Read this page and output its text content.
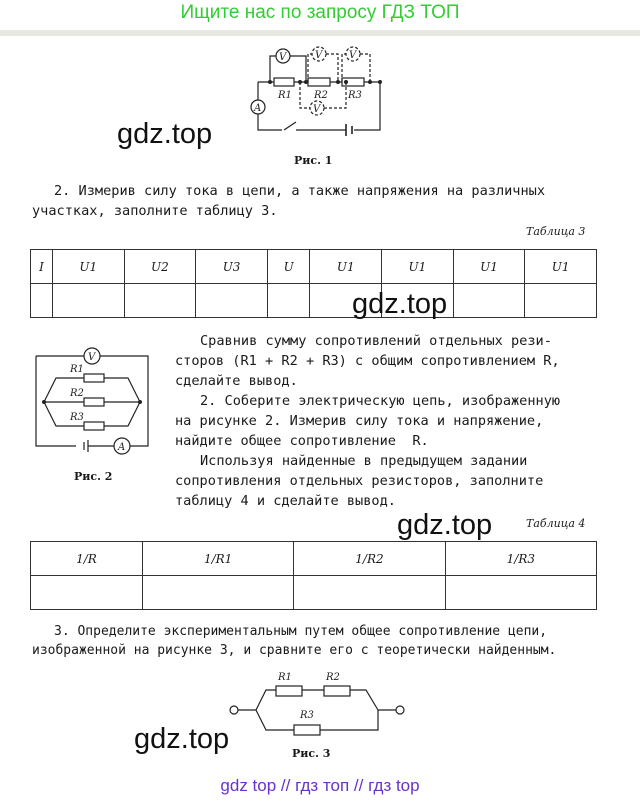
Ищите нас по запросу ГДЗ ТОП
V	V	V
V
A
R1 R2 R3
gdz.top
Рис. 1
2. Измерив силу тока в цепи, а также напряжения на различных
участках, заполните таблицу 3.
Таблица 3
I	U1	U2	U3	U	U1	U1	U1	U1

gdz.top
V
R1
R2
R3
A
Рис. 2
Сравнив сумму сопротивлений отдельных рези-
сторов (R1 + R2 + R3) с общим сопротивлением R,
сделайте вывод.
2. Соберите электрическую цепь, изображенную
на рисунке 2. Измерив силу тока и напряжение,
найдите общее сопротивление  R.
Используя найденные в предыдущем задании
сопротивления отдельных резисторов, заполните
таблицу 4 и сделайте вывод.
gdz.top	Таблица 4
1/R	1/R1	1/R2	1/R3

3. Определите экспериментальным путем общее сопротивление цепи,
изображенной на рисунке 3, и сравните его с теоретически найденным.
R1	R2
R3
gdz.top	Рис. 3
gdz top // гдз топ // гдз top
